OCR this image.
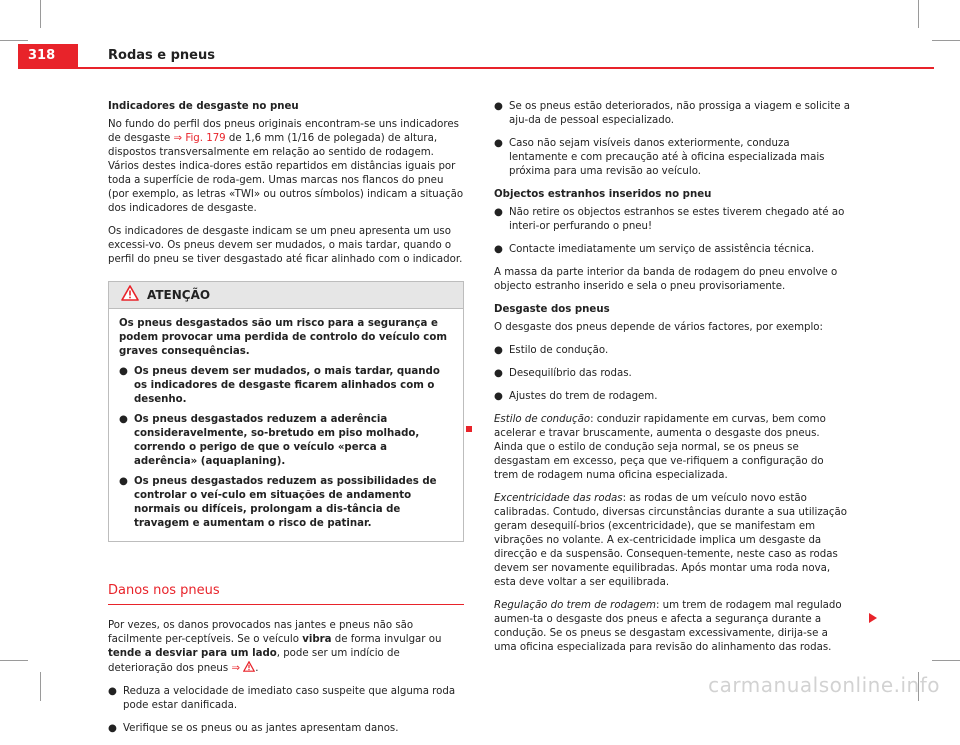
318	Rodas e pneus

Indicadores de desgaste no pneu

No fundo do perfil dos pneus originais encontram-se uns indicadores de desgaste ⇒ Fig. 179 de 1,6 mm (1/16 de polegada) de altura, dispostos transversalmente em relação ao sentido de rodagem. Vários destes indica-dores estão repartidos em distâncias iguais por toda a superfície de roda-gem. Umas marcas nos flancos do pneu (por exemplo, as letras «TWI» ou outros símbolos) indicam a situação dos indicadores de desgaste.

Os indicadores de desgaste indicam se um pneu apresenta um uso excessi-vo. Os pneus devem ser mudados, o mais tardar, quando o perfil do pneu se tiver desgastado até ficar alinhado com o indicador.

ATENÇÃO

Os pneus desgastados são um risco para a segurança e podem provocar uma perdida de controlo do veículo com graves consequências.

● Os pneus devem ser mudados, o mais tardar, quando os indicadores de desgaste ficarem alinhados com o desenho.

● Os pneus desgastados reduzem a aderência consideravelmente, so-bretudo em piso molhado, correndo o perigo de que o veículo «perca a aderência» (aquaplaning).

● Os pneus desgastados reduzem as possibilidades de controlar o veí-culo em situações de andamento normais ou difíceis, prolongam a dis-tância de travagem e aumentam o risco de patinar.

Danos nos pneus

Por vezes, os danos provocados nas jantes e pneus não são facilmente per-ceptíveis. Se o veículo vibra de forma invulgar ou tende a desviar para um lado, pode ser um indício de deterioração dos pneus ⇒ .

● Reduza a velocidade de imediato caso suspeite que alguma roda pode estar danificada.

● Verifique se os pneus ou as jantes apresentam danos.

● Se os pneus estão deteriorados, não prossiga a viagem e solicite a aju-da de pessoal especializado.

● Caso não sejam visíveis danos exteriormente, conduza lentamente e com precaução até à oficina especializada mais próxima para uma revisão ao veículo.

Objectos estranhos inseridos no pneu

● Não retire os objectos estranhos se estes tiverem chegado até ao interi-or perfurando o pneu!

● Contacte imediatamente um serviço de assistência técnica.

A massa da parte interior da banda de rodagem do pneu envolve o objecto estranho inserido e sela o pneu provisoriamente.

Desgaste dos pneus

O desgaste dos pneus depende de vários factores, por exemplo:

● Estilo de condução.

● Desequilíbrio das rodas.

● Ajustes do trem de rodagem.

Estilo de condução: conduzir rapidamente em curvas, bem como acelerar e travar bruscamente, aumenta o desgaste dos pneus. Ainda que o estilo de condução seja normal, se os pneus se desgastam em excesso, peça que ve-rifiquem a configuração do trem de rodagem numa oficina especializada.

Excentricidade das rodas: as rodas de um veículo novo estão calibradas. Contudo, diversas circunstâncias durante a sua utilização geram desequilí-brios (excentricidade), que se manifestam em vibrações no volante. A ex-centricidade implica um desgaste da direcção e da suspensão. Consequen-temente, neste caso as rodas devem ser novamente equilibradas. Após montar uma roda nova, esta deve voltar a ser equilibrada.

Regulação do trem de rodagem: um trem de rodagem mal regulado aumen-ta o desgaste dos pneus e afecta a segurança durante a condução. Se os pneus se desgastam excessivamente, dirija-se a uma oficina especializada para revisão do alinhamento das rodas.

carmanualsonline.info
